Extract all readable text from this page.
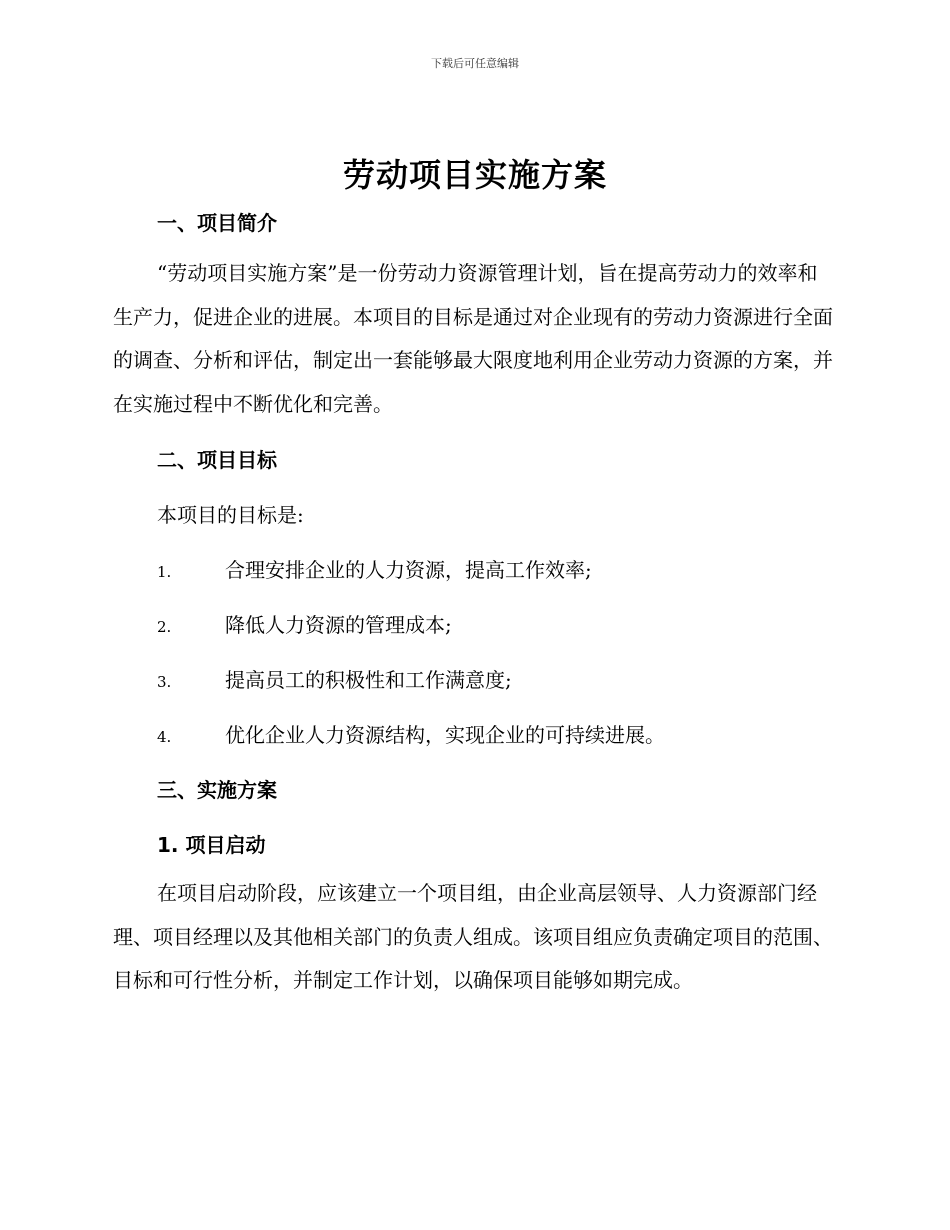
下载后可任意编辑
劳动项目实施方案
一、项目简介

“劳动项目实施方案”是一份劳动力资源管理计划，旨在提高劳动力的效率和生产力，促进企业的进展。本项目的目标是通过对企业现有的劳动力资源进行全面的调查、分析和评估，制定出一套能够最大限度地利用企业劳动力资源的方案，并在实施过程中不断优化和完善。

二、项目目标
本项目的目标是:
1.	合理安排企业的人力资源，提高工作效率;
2.	降低人力资源的管理成本;
3.	提高员工的积极性和工作满意度;
4.	优化企业人力资源结构，实现企业的可持续进展。
三、实施方案
1. 项目启动

在项目启动阶段，应该建立一个项目组，由企业高层领导、人力资源部门经理、项目经理以及其他相关部门的负责人组成。该项目组应负责确定项目的范围、目标和可行性分析，并制定工作计划，以确保项目能够如期完成。
